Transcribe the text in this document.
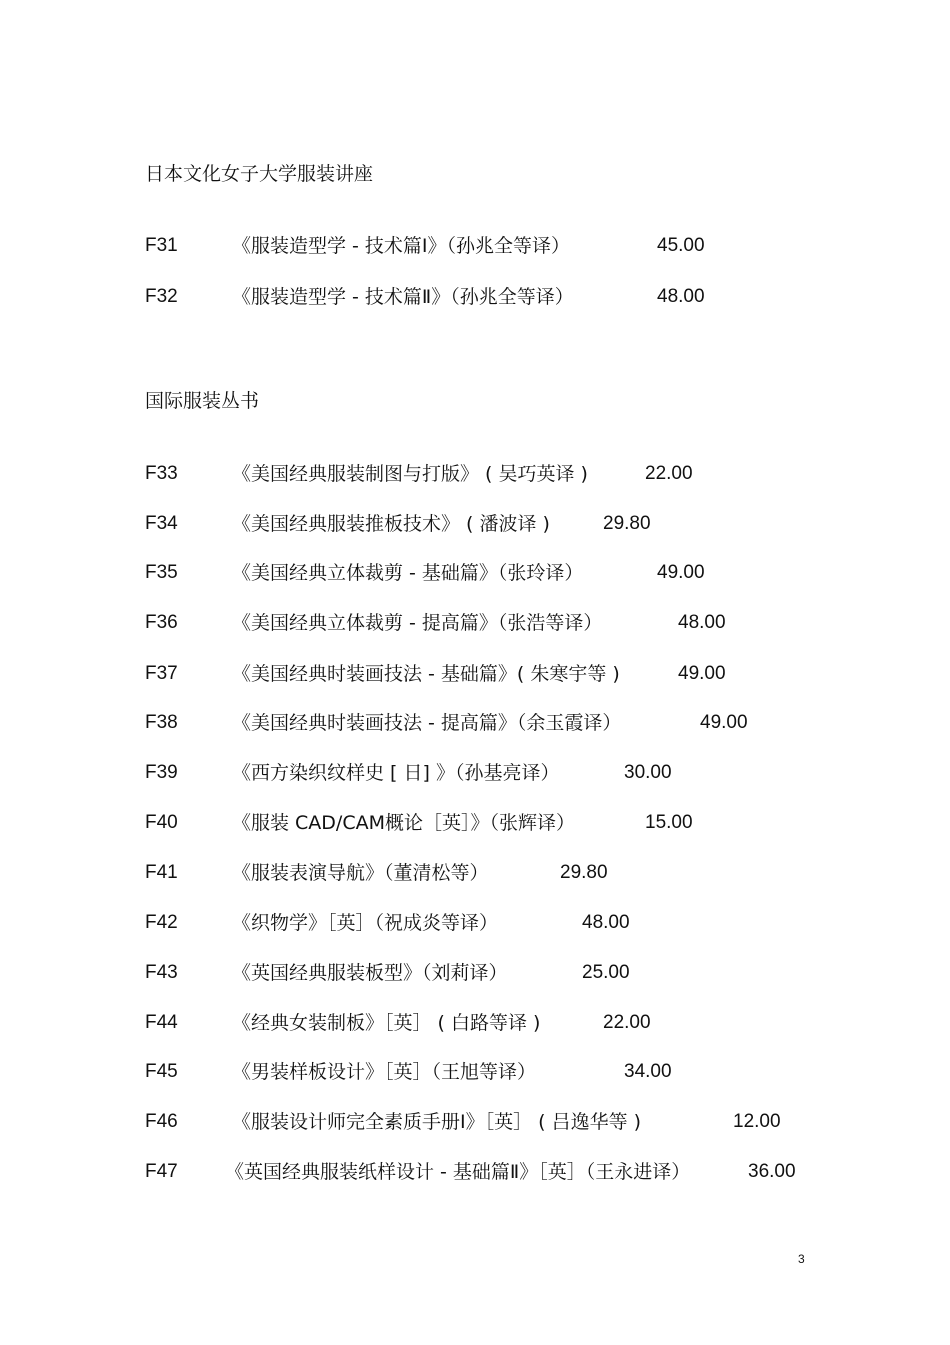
日本文化女子大学服装讲座
F31	《服装造型学 - 技术篇Ⅰ》（孙兆全等译）	45.00
F32	《服装造型学 - 技术篇Ⅱ》（孙兆全等译）	48.00
国际服装丛书
F33	《美国经典服装制图与打版》 ( 吴巧英译 )	22.00
F34	《美国经典服装推板技术》 ( 潘波译 )	29.80
F35	《美国经典立体裁剪 - 基础篇》（张玲译）	49.00
F36	《美国经典立体裁剪 - 提高篇》（张浩等译）	48.00
F37	《美国经典时装画技法 - 基础篇》( 朱寒宇等 )	49.00
F38	《美国经典时装画技法 - 提高篇》（余玉霞译）	49.00
F39	《西方染织纹样史 [ 日] 》（孙基亮译）	30.00
F40	《服装 CAD/CAM概论［英］》（张辉译）	15.00
F41	《服装表演导航》（董清松等）	29.80
F42	《织物学》［英］（祝成炎等译）	48.00
F43	《英国经典服装板型》（刘莉译）	25.00
F44	《经典女装制板》［英］ ( 白路等译 )	22.00
F45	《男装样板设计》［英］（王旭等译）	34.00
F46	《服装设计师完全素质手册Ⅰ》［英］ ( 吕逸华等 )	12.00
F47 《英国经典服装纸样设计 - 基础篇Ⅱ》［英］（王永进译）	36.00
3
